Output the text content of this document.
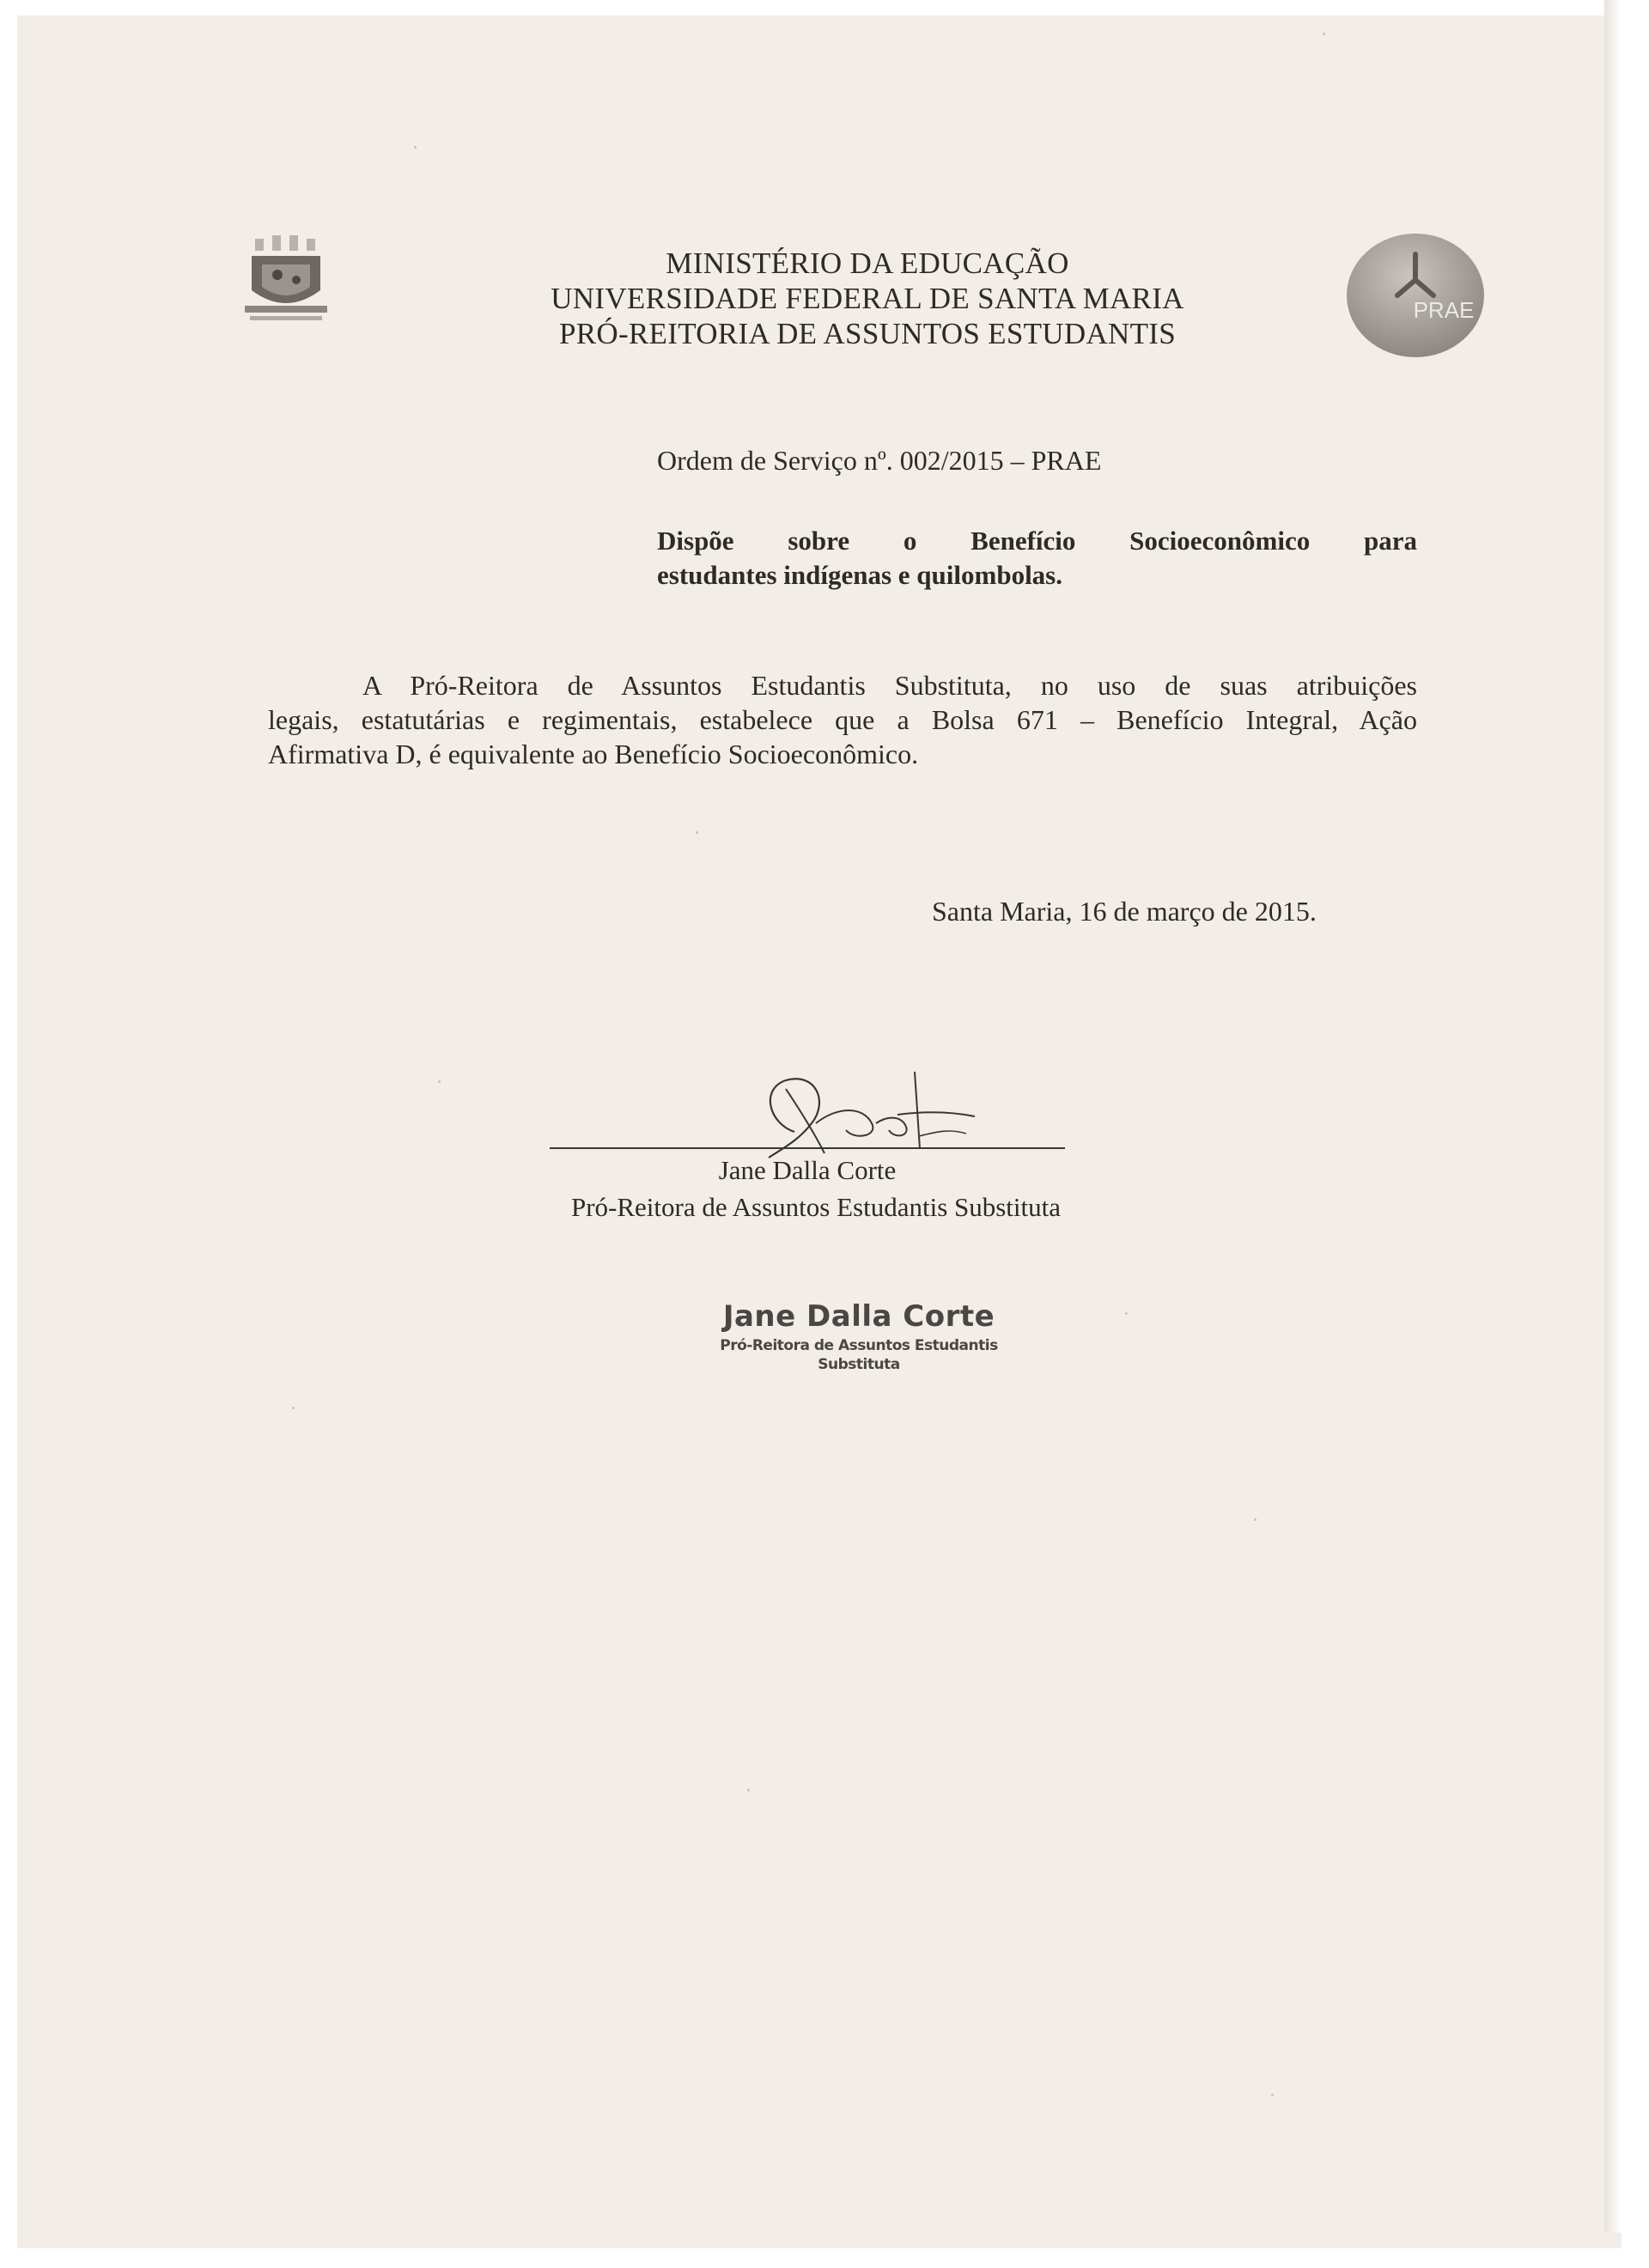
MINISTÉRIO DA EDUCAÇÃO
UNIVERSIDADE FEDERAL DE SANTA MARIA
PRÓ-REITORIA DE ASSUNTOS ESTUDANTIS
PRAE
Ordem de Serviço nº. 002/2015 – PRAE
Dispõe sobre o Benefício Socioeconômico para
estudantes indígenas e quilombolas.
A Pró-Reitora de Assuntos Estudantis Substituta, no uso de suas atribuições
legais, estatutárias e regimentais, estabelece que a Bolsa 671 – Benefício Integral, Ação
Afirmativa D, é equivalente ao Benefício Socioeconômico.
Santa Maria, 16 de março de 2015.
Jane Dalla Corte
Pró-Reitora de Assuntos Estudantis Substituta
Jane Dalla Corte
Pró-Reitora de Assuntos Estudantis
Substituta
